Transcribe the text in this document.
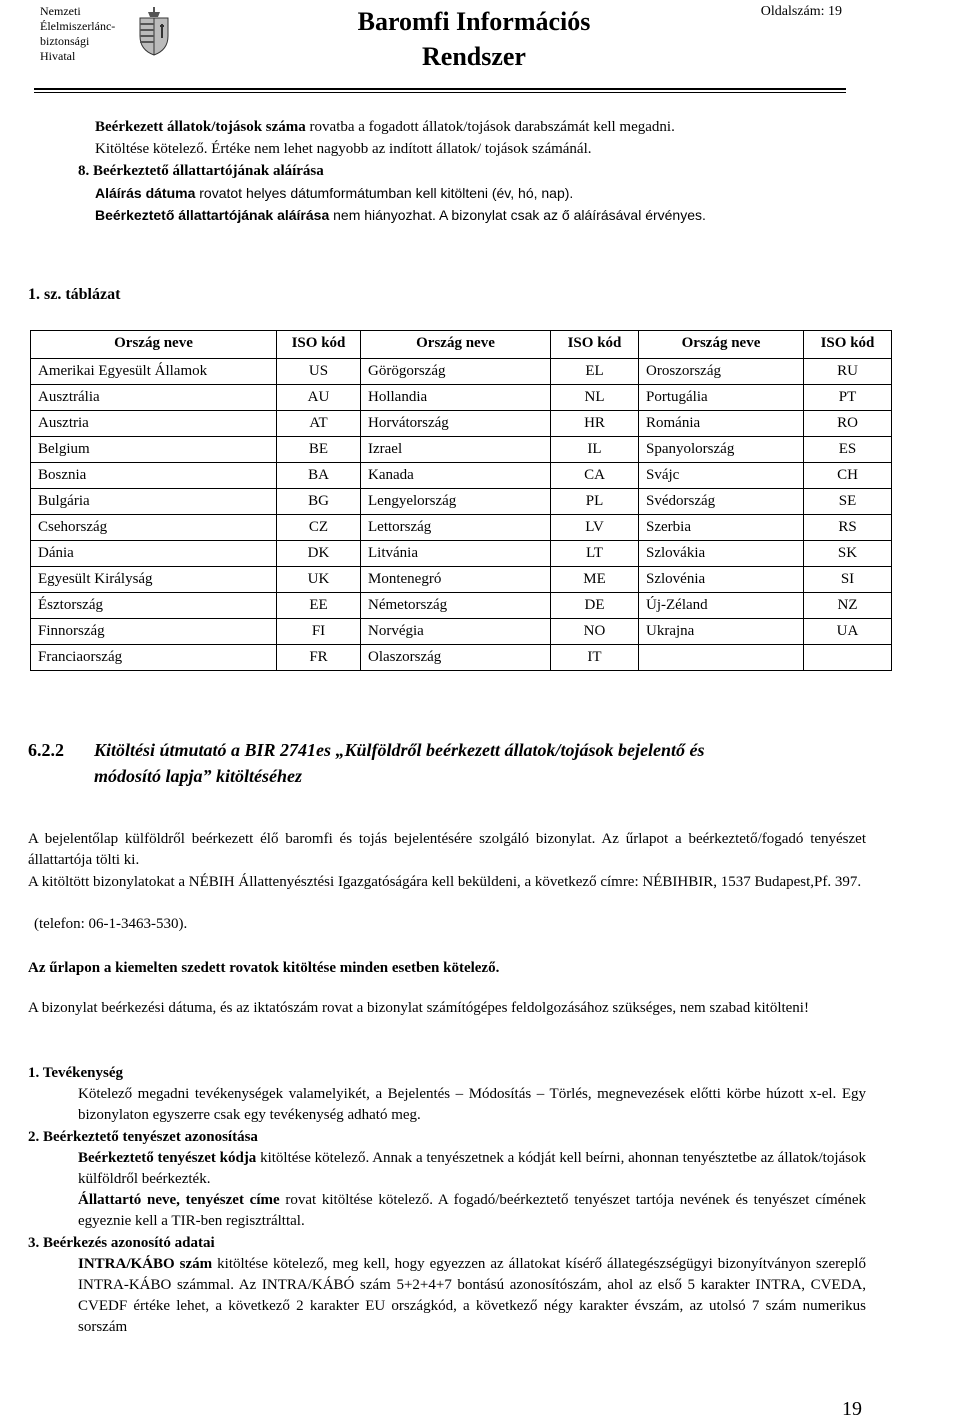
Nemzeti
Élelmiszerlánc-
biztonsági
Hivatal
Baromfi Információs
Rendszer
Oldalszám: 19
Beérkezett állatok/tojások száma rovatba a fogadott állatok/tojások darabszámát kell megadni.
Kitöltése kötelező. Értéke nem lehet nagyobb az indított állatok/ tojások számánál.
8. Beérkeztető állattartójának aláírása
Aláírás dátuma rovatot helyes dátumformátumban kell kitölteni (év, hó, nap).
Beérkeztető állattartójának aláírása nem hiányozhat. A bizonylat csak az ő aláírásával érvényes.
1. sz. táblázat
Ország neve	ISO kód	Ország neve	ISO kód	Ország neve	ISO kód
Amerikai Egyesült Államok	US	Görögország	EL	Oroszország	RU
Ausztrália	AU	Hollandia	NL	Portugália	PT
Ausztria	AT	Horvátország	HR	Románia	RO
Belgium	BE	Izrael	IL	Spanyolország	ES
Bosznia	BA	Kanada	CA	Svájc	CH
Bulgária	BG	Lengyelország	PL	Svédország	SE
Csehország	CZ	Lettország	LV	Szerbia	RS
Dánia	DK	Litvánia	LT	Szlovákia	SK
Egyesült Királyság	UK	Montenegró	ME	Szlovénia	SI
Észtország	EE	Németország	DE	Új-Zéland	NZ
Finnország	FI	Norvégia	NO	Ukrajna	UA
Franciaország	FR	Olaszország	IT		
6.2.2 Kitöltési útmutató a BIR 2741es „Külföldről beérkezett állatok/tojások bejelentő és
módosító lapja” kitöltéséhez
A bejelentőlap külföldről beérkezett élő baromfi és tojás bejelentésére szolgáló bizonylat. Az űrlapot a beérkeztető/fogadó tenyészet állattartója tölti ki.
A kitöltött bizonylatokat a NÉBIH Állattenyésztési Igazgatóságára kell beküldeni, a következő címre: NÉBIHBIR, 1537 Budapest,Pf. 397.
(telefon: 06-1-3463-530).
Az űrlapon a kiemelten szedett rovatok kitöltése minden esetben kötelező.
A bizonylat beérkezési dátuma, és az iktatószám rovat a bizonylat számítógépes feldolgozásához szükséges, nem szabad kitölteni!
1. Tevékenység
Kötelező megadni tevékenységek valamelyikét, a Bejelentés – Módosítás – Törlés, megnevezések előtti körbe húzott x-el. Egy bizonylaton egyszerre csak egy tevékenység adható meg.
2. Beérkeztető tenyészet azonosítása
Beérkeztető tenyészet kódja kitöltése kötelező. Annak a tenyészetnek a kódját kell beírni, ahonnan tenyésztetbe az állatok/tojások külföldről beérkezték.
Állattartó neve, tenyészet címe rovat kitöltése kötelező. A fogadó/beérkeztető tenyészet tartója nevének és tenyészet címének egyeznie kell a TIR-ben regisztrálttal.
3. Beérkezés azonosító adatai
INTRA/KÁBO szám kitöltése kötelező, meg kell, hogy egyezzen az állatokat kísérő állategészségügyi bizonyítványon szereplő INTRA-KÁBO számmal. Az INTRA/KÁBÓ szám 5+2+4+7 bontású azonosítószám, ahol az első 5 karakter INTRA, CVEDA, CVEDF értéke lehet, a következő 2 karakter EU országkód, a következő négy karakter évszám, az utolsó 7 szám numerikus sorszám
19
